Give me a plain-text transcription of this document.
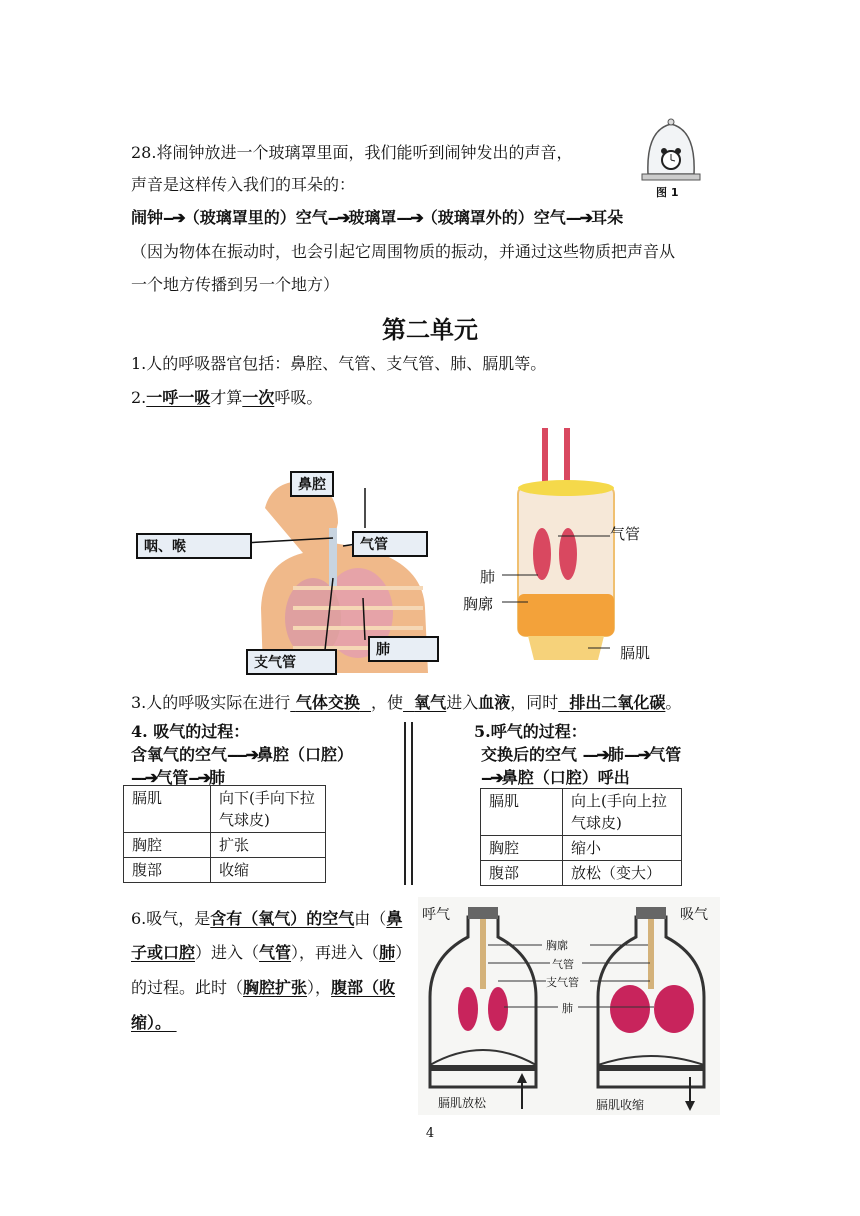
28.将闹钟放进一个玻璃罩里面，我们能听到闹钟发出的声音，
声音是这样传入我们的耳朵的：	图 1
闹钟--➔（玻璃罩里的）空气--➔玻璃罩---➔（玻璃罩外的）空气---➔耳朵
（因为物体在振动时，也会引起它周围物质的振动，并通过这些物质把声音从
一个地方传播到另一个地方）
第二单元
1.人的呼吸器官包括：鼻腔、气管、支气管、肺、膈肌等。
2.一呼一吸才算一次呼吸。
鼻腔
咽、喉	气管
肺
支气管
气管
肺
胸廓
膈肌
3.人的呼吸实际在进行 气体交换 ，使 氧气进入血液，同时 排出二氧化碳。
4. 吸气的过程：
含氧气的空气----➔鼻腔（口腔）
---➔气管--➔肺
膈肌	向下(手向下拉气球皮)
胸腔	扩张
腹部	收缩
5.呼气的过程：
交换后的空气 ---➔肺---➔气管
--➔鼻腔（口腔）呼出
膈肌	向上(手向上拉气球皮)
胸腔	缩小
腹部	放松（变大）
6.吸气，是含有（氧气）的空气由（鼻
子或口腔）进入（气管），再进入（肺）
的过程。此时（胸腔扩张），腹部（收
缩）。
呼气	吸气
胸廓
气管
支气管
肺
膈肌放松	膈肌收缩
4
